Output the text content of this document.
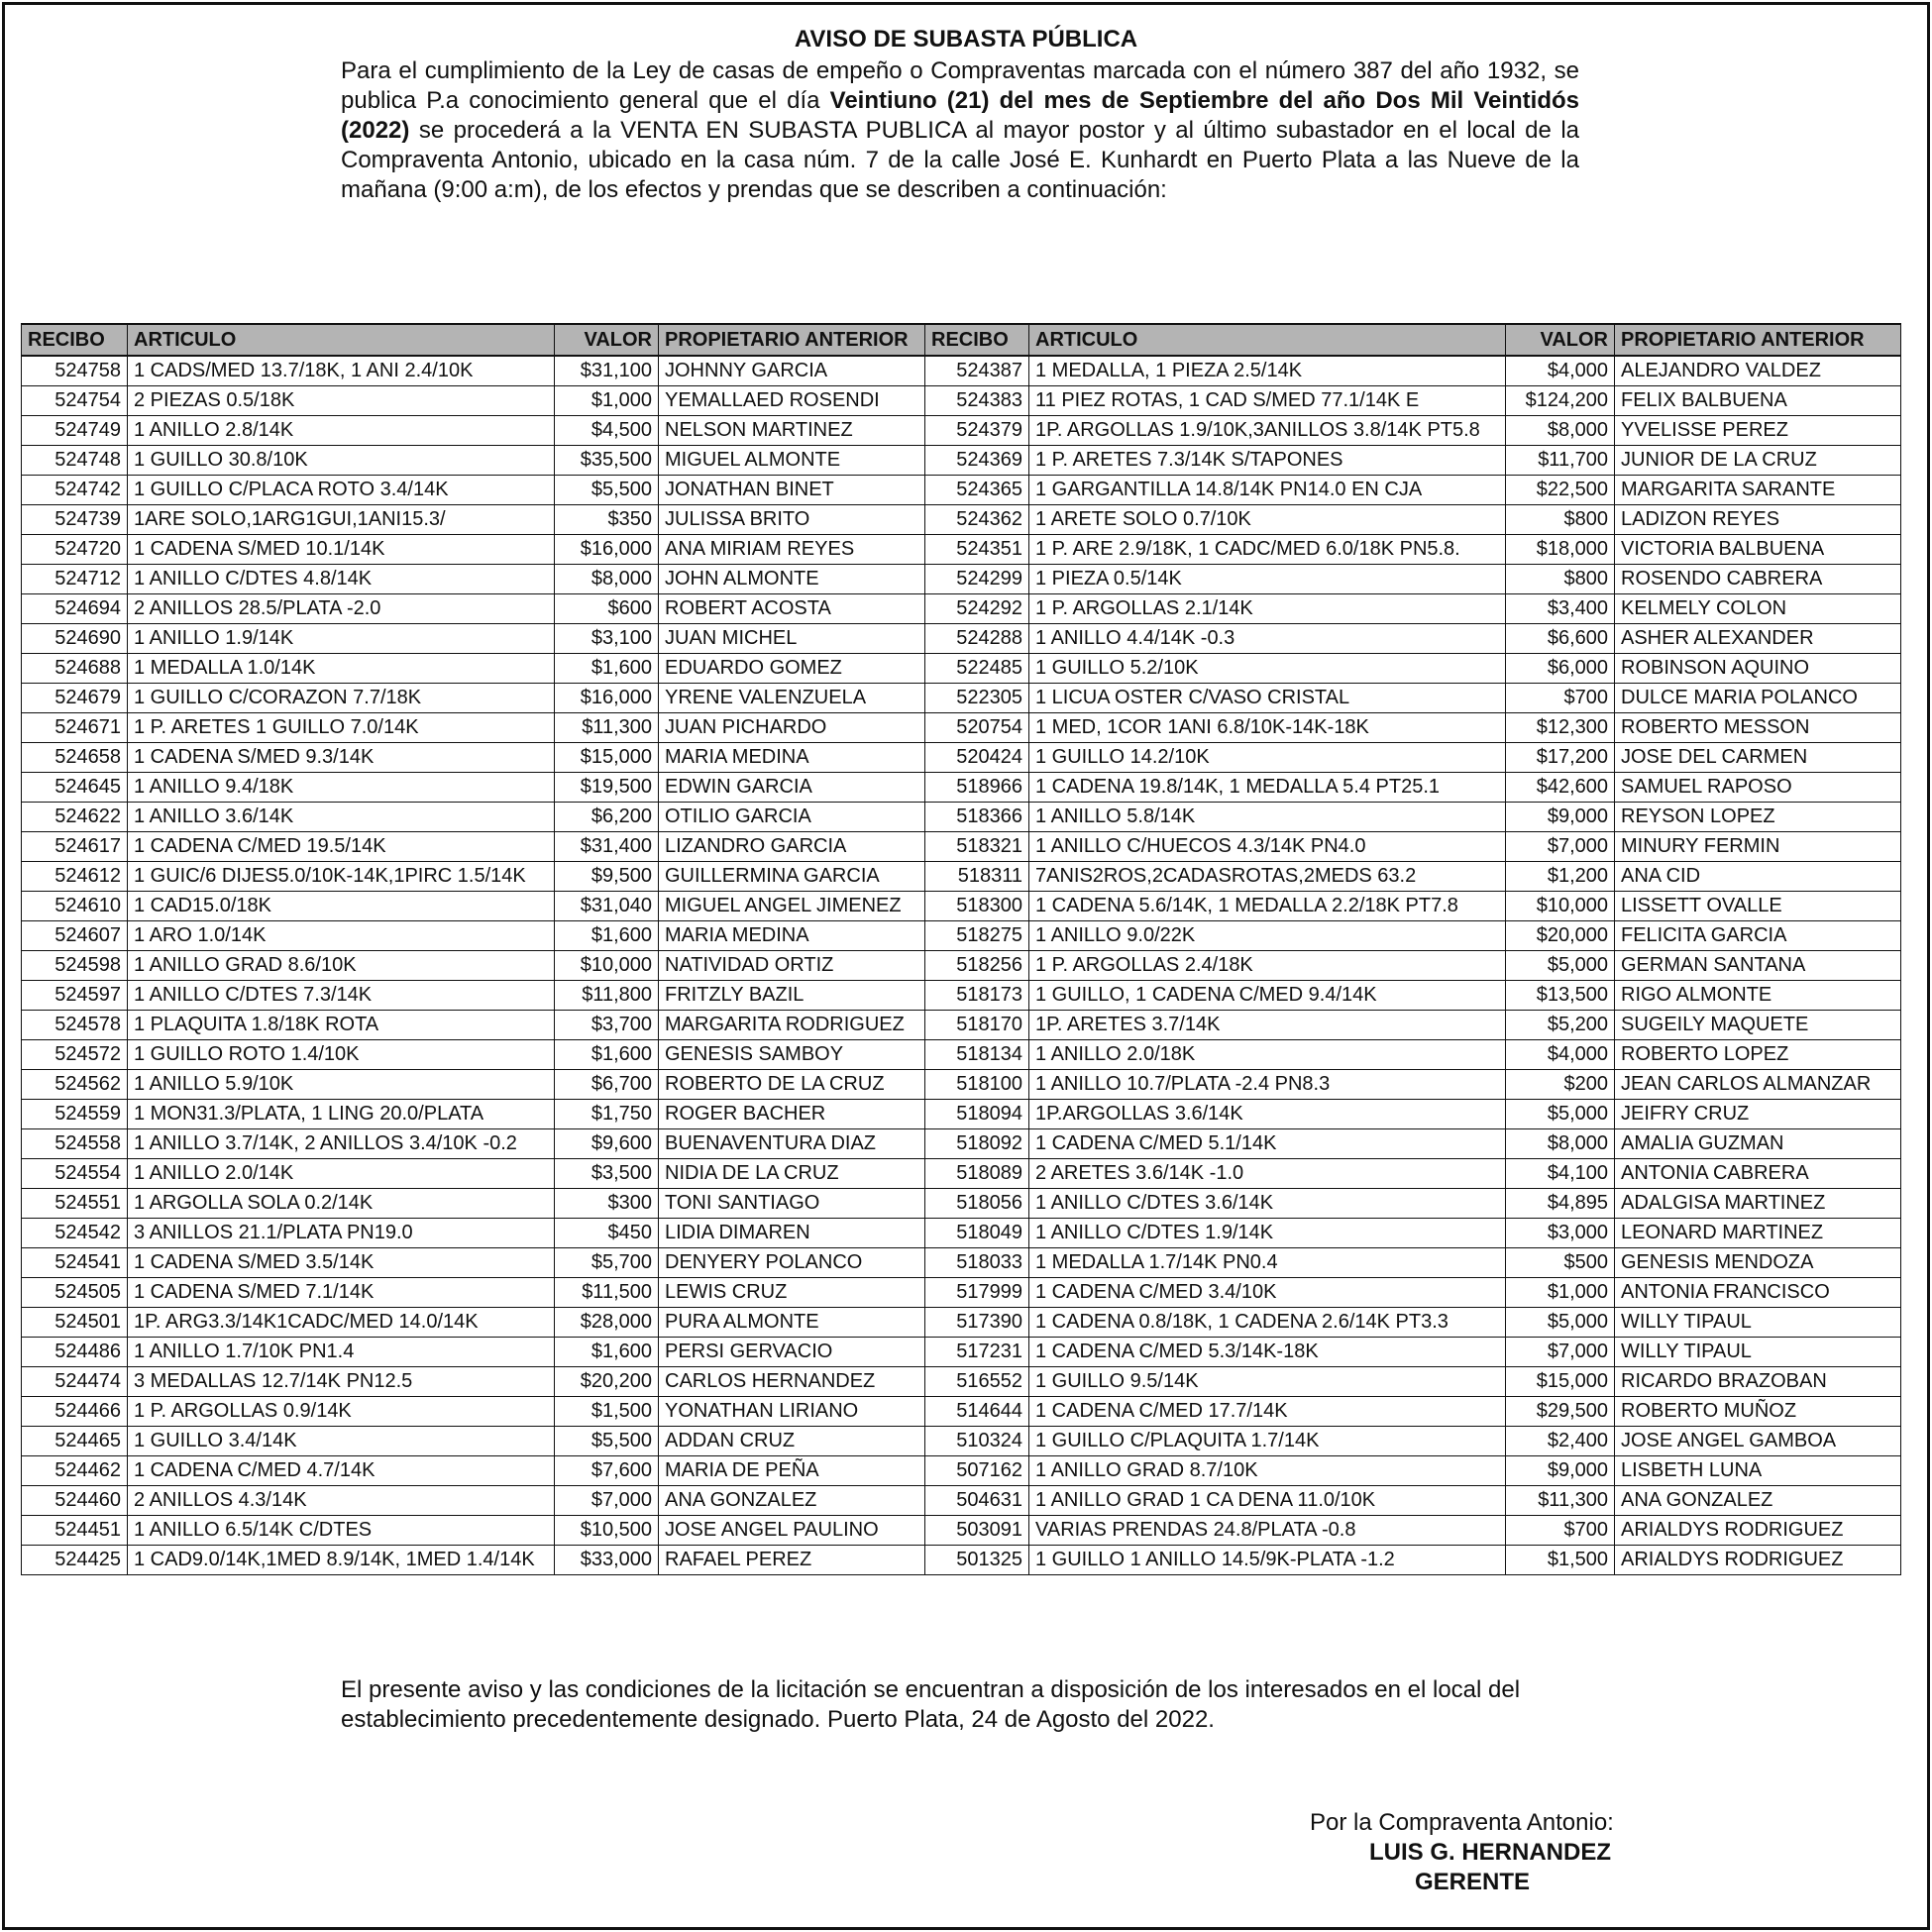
AVISO DE SUBASTA PÚBLICA
Para el cumplimiento de la Ley de casas de empeño o Compraventas marcada con el número 387 del año 1932, se publica P.a conocimiento general que el día Veintiuno (21) del mes de Septiembre del año Dos Mil Veintidós (2022) se procederá a la VENTA EN SUBASTA PUBLICA al mayor postor y al último subastador en el local de la Compraventa Antonio, ubicado en la casa núm. 7 de la calle José E. Kunhardt en Puerto Plata a las Nueve de la mañana (9:00 a:m), de los efectos y prendas que se describen a continuación:
RECIBO	ARTICULO	VALOR	PROPIETARIO ANTERIOR	RECIBO	ARTICULO	VALOR	PROPIETARIO ANTERIOR
524758	1 CADS/MED 13.7/18K, 1 ANI 2.4/10K	$31,100	JOHNNY GARCIA	524387	1 MEDALLA, 1 PIEZA 2.5/14K	$4,000	ALEJANDRO VALDEZ
524754	2 PIEZAS 0.5/18K	$1,000	YEMALLAED ROSENDI	524383	11 PIEZ ROTAS, 1 CAD S/MED 77.1/14K E	$124,200	FELIX BALBUENA
524749	1 ANILLO 2.8/14K	$4,500	NELSON MARTINEZ	524379	1P. ARGOLLAS 1.9/10K,3ANILLOS 3.8/14K PT5.8	$8,000	YVELISSE PEREZ
524748	1 GUILLO 30.8/10K	$35,500	MIGUEL ALMONTE	524369	1 P. ARETES 7.3/14K S/TAPONES	$11,700	JUNIOR DE LA CRUZ
524742	1 GUILLO C/PLACA ROTO 3.4/14K	$5,500	JONATHAN BINET	524365	1 GARGANTILLA 14.8/14K PN14.0 EN CJA	$22,500	MARGARITA SARANTE
524739	1ARE SOLO,1ARG1GUI,1ANI15.3/	$350	JULISSA BRITO	524362	1 ARETE SOLO 0.7/10K	$800	LADIZON REYES
524720	1 CADENA S/MED 10.1/14K	$16,000	ANA MIRIAM REYES	524351	1 P. ARE 2.9/18K, 1 CADC/MED 6.0/18K PN5.8.	$18,000	VICTORIA BALBUENA
524712	1 ANILLO C/DTES 4.8/14K	$8,000	JOHN ALMONTE	524299	1 PIEZA 0.5/14K	$800	ROSENDO CABRERA
524694	2 ANILLOS 28.5/PLATA -2.0	$600	ROBERT ACOSTA	524292	1 P. ARGOLLAS 2.1/14K	$3,400	KELMELY COLON
524690	1 ANILLO 1.9/14K	$3,100	JUAN MICHEL	524288	1 ANILLO 4.4/14K -0.3	$6,600	ASHER ALEXANDER
524688	1 MEDALLA 1.0/14K	$1,600	EDUARDO GOMEZ	522485	1 GUILLO 5.2/10K	$6,000	ROBINSON AQUINO
524679	1 GUILLO C/CORAZON 7.7/18K	$16,000	YRENE VALENZUELA	522305	1 LICUA OSTER C/VASO CRISTAL	$700	DULCE MARIA POLANCO
524671	1 P. ARETES 1 GUILLO 7.0/14K	$11,300	JUAN PICHARDO	520754	1 MED, 1COR 1ANI 6.8/10K-14K-18K	$12,300	ROBERTO MESSON
524658	1 CADENA S/MED 9.3/14K	$15,000	MARIA MEDINA	520424	1 GUILLO 14.2/10K	$17,200	JOSE DEL CARMEN
524645	1 ANILLO 9.4/18K	$19,500	EDWIN GARCIA	518966	1 CADENA 19.8/14K, 1 MEDALLA 5.4 PT25.1	$42,600	SAMUEL RAPOSO
524622	1 ANILLO 3.6/14K	$6,200	OTILIO GARCIA	518366	1 ANILLO 5.8/14K	$9,000	REYSON LOPEZ
524617	1 CADENA C/MED 19.5/14K	$31,400	LIZANDRO GARCIA	518321	1 ANILLO C/HUECOS 4.3/14K PN4.0	$7,000	MINURY FERMIN
524612	1 GUIC/6 DIJES5.0/10K-14K,1PIRC 1.5/14K	$9,500	GUILLERMINA GARCIA	518311	7ANIS2ROS,2CADASROTAS,2MEDS 63.2	$1,200	ANA CID
524610	1 CAD15.0/18K	$31,040	MIGUEL ANGEL JIMENEZ	518300	1 CADENA 5.6/14K, 1 MEDALLA 2.2/18K PT7.8	$10,000	LISSETT OVALLE
524607	1 ARO 1.0/14K	$1,600	MARIA MEDINA	518275	1 ANILLO 9.0/22K	$20,000	FELICITA GARCIA
524598	1 ANILLO GRAD 8.6/10K	$10,000	NATIVIDAD ORTIZ	518256	1 P. ARGOLLAS 2.4/18K	$5,000	GERMAN SANTANA
524597	1 ANILLO C/DTES 7.3/14K	$11,800	FRITZLY BAZIL	518173	1 GUILLO, 1 CADENA C/MED 9.4/14K	$13,500	RIGO ALMONTE
524578	1 PLAQUITA 1.8/18K ROTA	$3,700	MARGARITA RODRIGUEZ	518170	1P. ARETES 3.7/14K	$5,200	SUGEILY MAQUETE
524572	1 GUILLO ROTO 1.4/10K	$1,600	GENESIS SAMBOY	518134	1 ANILLO 2.0/18K	$4,000	ROBERTO LOPEZ
524562	1 ANILLO 5.9/10K	$6,700	ROBERTO DE LA CRUZ	518100	1 ANILLO 10.7/PLATA -2.4 PN8.3	$200	JEAN CARLOS ALMANZAR
524559	1 MON31.3/PLATA, 1 LING 20.0/PLATA	$1,750	ROGER BACHER	518094	1P.ARGOLLAS 3.6/14K	$5,000	JEIFRY CRUZ
524558	1 ANILLO 3.7/14K, 2 ANILLOS 3.4/10K -0.2	$9,600	BUENAVENTURA DIAZ	518092	1 CADENA C/MED 5.1/14K	$8,000	AMALIA GUZMAN
524554	1 ANILLO 2.0/14K	$3,500	NIDIA DE LA CRUZ	518089	2 ARETES 3.6/14K -1.0	$4,100	ANTONIA CABRERA
524551	1 ARGOLLA SOLA 0.2/14K	$300	TONI SANTIAGO	518056	1 ANILLO C/DTES 3.6/14K	$4,895	ADALGISA MARTINEZ
524542	3 ANILLOS 21.1/PLATA PN19.0	$450	LIDIA DIMAREN	518049	1 ANILLO C/DTES 1.9/14K	$3,000	LEONARD MARTINEZ
524541	1 CADENA S/MED 3.5/14K	$5,700	DENYERY POLANCO	518033	1 MEDALLA 1.7/14K PN0.4	$500	GENESIS MENDOZA
524505	1 CADENA S/MED 7.1/14K	$11,500	LEWIS CRUZ	517999	1 CADENA C/MED 3.4/10K	$1,000	ANTONIA FRANCISCO
524501	1P. ARG3.3/14K1CADC/MED 14.0/14K	$28,000	PURA ALMONTE	517390	1 CADENA 0.8/18K, 1 CADENA 2.6/14K PT3.3	$5,000	WILLY TIPAUL
524486	1 ANILLO 1.7/10K PN1.4	$1,600	PERSI GERVACIO	517231	1 CADENA C/MED 5.3/14K-18K	$7,000	WILLY TIPAUL
524474	3 MEDALLAS 12.7/14K PN12.5	$20,200	CARLOS HERNANDEZ	516552	1 GUILLO 9.5/14K	$15,000	RICARDO BRAZOBAN
524466	1 P. ARGOLLAS 0.9/14K	$1,500	YONATHAN LIRIANO	514644	1 CADENA C/MED 17.7/14K	$29,500	ROBERTO MUÑOZ
524465	1 GUILLO 3.4/14K	$5,500	ADDAN CRUZ	510324	1 GUILLO C/PLAQUITA 1.7/14K	$2,400	JOSE ANGEL GAMBOA
524462	1 CADENA C/MED 4.7/14K	$7,600	MARIA DE PEÑA	507162	1 ANILLO GRAD 8.7/10K	$9,000	LISBETH LUNA
524460	2 ANILLOS 4.3/14K	$7,000	ANA GONZALEZ	504631	1 ANILLO GRAD 1 CA DENA 11.0/10K	$11,300	ANA GONZALEZ
524451	1 ANILLO 6.5/14K C/DTES	$10,500	JOSE ANGEL PAULINO	503091	VARIAS PRENDAS 24.8/PLATA -0.8	$700	ARIALDYS RODRIGUEZ
524425	1 CAD9.0/14K,1MED 8.9/14K, 1MED 1.4/14K	$33,000	RAFAEL PEREZ	501325	1 GUILLO 1 ANILLO 14.5/9K-PLATA -1.2	$1,500	ARIALDYS RODRIGUEZ
El presente aviso y las condiciones de la licitación se encuentran a disposición de los interesados en el local del establecimiento precedentemente designado. Puerto Plata, 24 de Agosto del 2022.
Por la Compraventa Antonio:
LUIS G. HERNANDEZ
GERENTE
